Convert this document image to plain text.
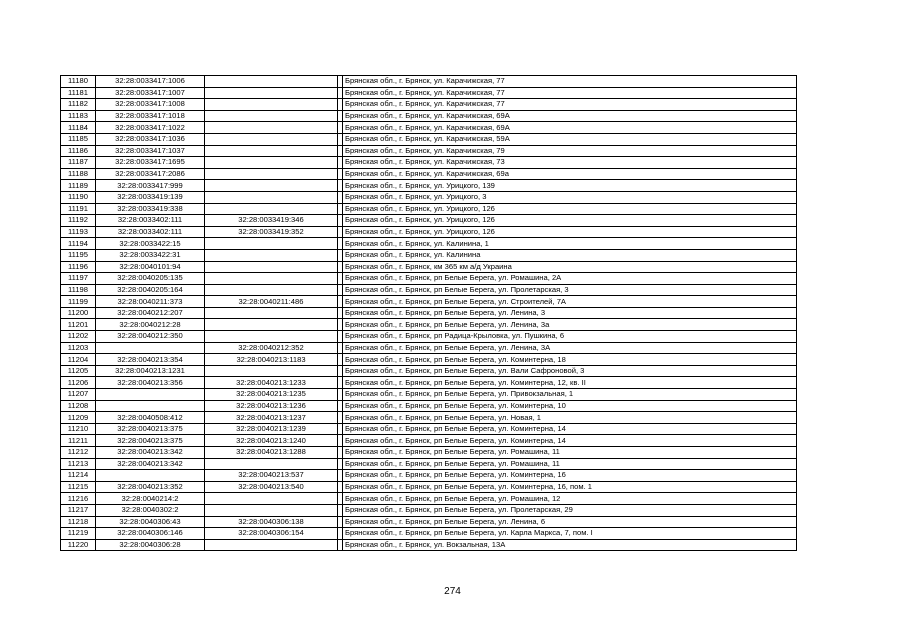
11180	32:28:0033417:1006			Брянская обл., г. Брянск, ул. Карачижская, 77
11181	32:28:0033417:1007			Брянская обл., г. Брянск, ул. Карачижская, 77
11182	32:28:0033417:1008			Брянская обл., г. Брянск, ул. Карачижская, 77
11183	32:28:0033417:1018			Брянская обл., г. Брянск, ул. Карачижская, 69А
11184	32:28:0033417:1022			Брянская обл., г. Брянск, ул. Карачижская, 69А
11185	32:28:0033417:1036			Брянская обл., г. Брянск, ул. Карачижская, 59А
11186	32:28:0033417:1037			Брянская обл., г. Брянск, ул. Карачижская, 79
11187	32:28:0033417:1695			Брянская обл., г. Брянск, ул. Карачижская, 73
11188	32:28:0033417:2086			Брянская обл., г. Брянск, ул. Карачижская, 69а
11189	32:28:0033417:999			Брянская обл., г. Брянск, ул. Урицкого, 139
11190	32:28:0033419:139			Брянская обл., г. Брянск, ул. Урицкого, 3
11191	32:28:0033419:338			Брянская обл., г. Брянск, ул. Урицкого, 126
11192	32:28:0033402:111	32:28:0033419:346		Брянская обл., г. Брянск, ул. Урицкого, 126
11193	32:28:0033402:111	32:28:0033419:352		Брянская обл., г. Брянск, ул. Урицкого, 126
11194	32:28:0033422:15			Брянская обл., г. Брянск, ул. Калинина, 1
11195	32:28:0033422:31			Брянская обл., г. Брянск, ул. Калинина
11196	32:28:0040101:94			Брянская обл., г. Брянск, км 365 км а/д Украина
11197	32:28:0040205:135			Брянская обл., г. Брянск, рп Белые Берега, ул. Ромашина, 2А
11198	32:28:0040205:164			Брянская обл., г. Брянск, рп Белые Берега, ул. Пролетарская, 3
11199	32:28:0040211:373	32:28:0040211:486		Брянская обл., г. Брянск, рп Белые Берега, ул. Строителей, 7А
11200	32:28:0040212:207			Брянская обл., г. Брянск, рп Белые Берега, ул. Ленина, 3
11201	32:28:0040212:28			Брянская обл., г. Брянск, рп Белые Берега, ул. Ленина, 3а
11202	32:28:0040212:350			Брянская обл., г. Брянск, рп Радица-Крыловка, ул. Пушкина, 6
11203		32:28:0040212:352		Брянская обл., г. Брянск, рп Белые Берега, ул. Ленина, 3А
11204	32:28:0040213:354	32:28:0040213:1183		Брянская обл., г. Брянск, рп Белые Берега, ул. Коминтерна, 18
11205	32:28:0040213:1231			Брянская обл., г. Брянск, рп Белые Берега, ул. Вали Сафроновой, 3
11206	32:28:0040213:356	32:28:0040213:1233		Брянская обл., г. Брянск, рп Белые Берега, ул. Коминтерна, 12, кв. II
11207		32:28:0040213:1235		Брянская обл., г. Брянск, рп Белые Берега, ул. Привокзальная, 1
11208		32:28:0040213:1236		Брянская обл., г. Брянск, рп Белые Берега, ул. Коминтерна, 10
11209	32:28:0040508:412	32:28:0040213:1237		Брянская обл., г. Брянск, рп Белые Берега, ул. Новая, 1
11210	32:28:0040213:375	32:28:0040213:1239		Брянская обл., г. Брянск, рп Белые Берега, ул. Коминтерна, 14
11211	32:28:0040213:375	32:28:0040213:1240		Брянская обл., г. Брянск, рп Белые Берега, ул. Коминтерна, 14
11212	32:28:0040213:342	32:28:0040213:1288		Брянская обл., г. Брянск, рп Белые Берега, ул. Ромашина, 11
11213	32:28:0040213:342			Брянская обл., г. Брянск, рп Белые Берега, ул. Ромашина, 11
11214		32:28:0040213:537		Брянская обл., г. Брянск, рп Белые Берега, ул. Коминтерна, 16
11215	32:28:0040213:352	32:28:0040213:540		Брянская обл., г. Брянск, рп Белые Берега, ул. Коминтерна, 16, пом. 1
11216	32:28:0040214:2			Брянская обл., г. Брянск, рп Белые Берега, ул. Ромашина, 12
11217	32:28:0040302:2			Брянская обл., г. Брянск, рп Белые Берега, ул. Пролетарская, 29
11218	32:28:0040306:43	32:28:0040306:138		Брянская обл., г. Брянск, рп Белые Берега, ул. Ленина, 6
11219	32:28:0040306:146	32:28:0040306:154		Брянская обл., г. Брянск, рп Белые Берега, ул. Карла Маркса, 7, пом. I
11220	32:28:0040306:28			Брянская обл., г. Брянск, ул. Вокзальная, 13А
274
